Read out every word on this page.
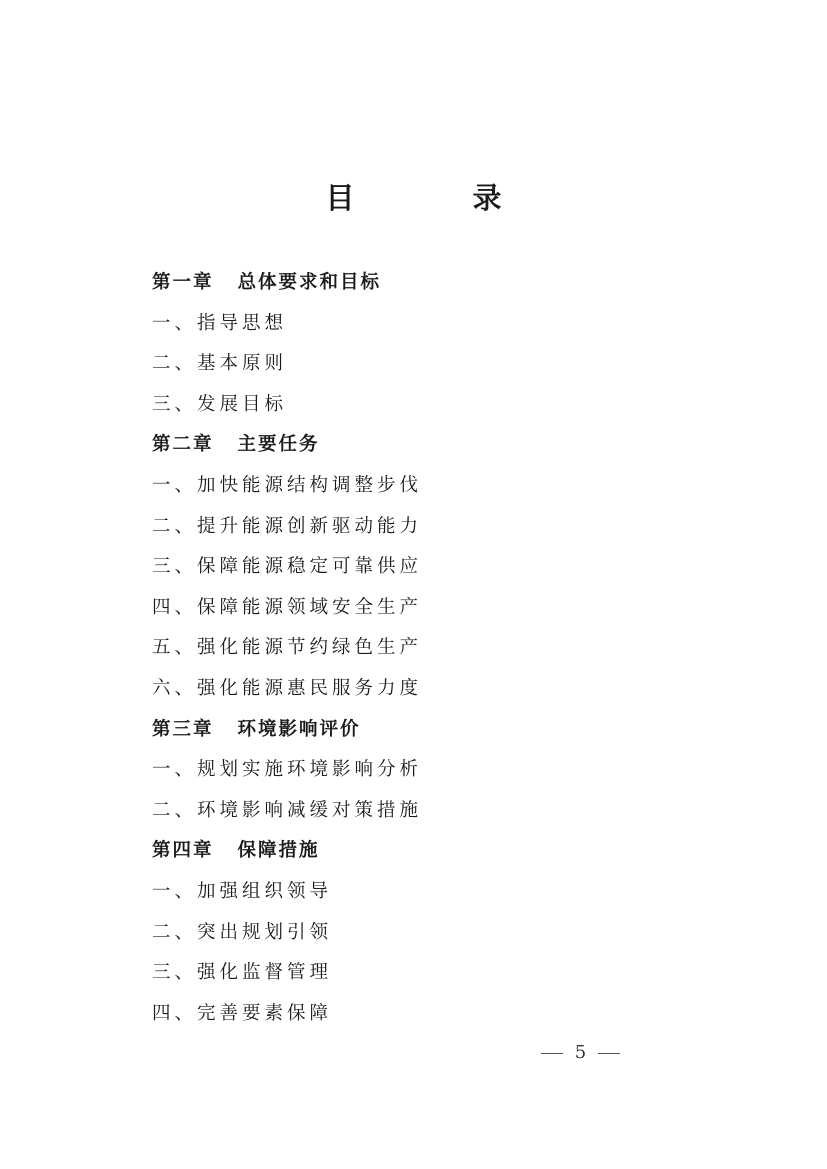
目 录
第一章 总体要求和目标
一、指导思想
二、基本原则
三、发展目标
第二章 主要任务
一、加快能源结构调整步伐
二、提升能源创新驱动能力
三、保障能源稳定可靠供应
四、保障能源领域安全生产
五、强化能源节约绿色生产
六、强化能源惠民服务力度
第三章 环境影响评价
一、规划实施环境影响分析
二、环境影响减缓对策措施
第四章 保障措施
一、加强组织领导
二、突出规划引领
三、强化监督管理
四、完善要素保障
5
